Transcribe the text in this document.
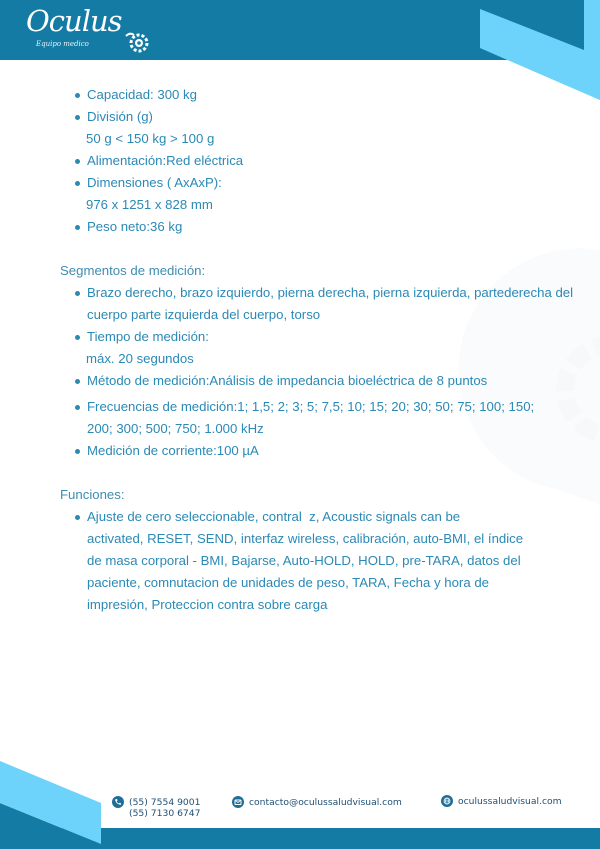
Oculus
Equipo medico
Capacidad: 300 kg
División (g)
50 g < 150 kg > 100 g
Alimentación:Red eléctrica
Dimensiones ( AxAxP):
976 x 1251 x 828 mm
Peso neto:36 kg
Segmentos de medición:
Brazo derecho, brazo izquierdo, pierna derecha, pierna izquierda, partederecha del
cuerpo parte izquierda del cuerpo, torso
Tiempo de medición:
máx. 20 segundos
Método de medición:Análisis de impedancia bioeléctrica de 8 puntos
Frecuencias de medición:1; 1,5; 2; 3; 5; 7,5; 10; 15; 20; 30; 50; 75; 100; 150;
200; 300; 500; 750; 1.000 kHz
Medición de corriente:100 µA
Funciones:
Ajuste de cero seleccionable, contral  z, Acoustic signals can be
activated, RESET, SEND, interfaz wireless, calibración, auto-BMI, el índice
de masa corporal - BMI, Bajarse, Auto-HOLD, HOLD, pre-TARA, datos del
paciente, comnutacion de unidades de peso, TARA, Fecha y hora de
impresión, Proteccion contra sobre carga
(55) 7554 9001
(55) 7130 6747
contacto@oculussaludvisual.com	oculussaludvisual.com
